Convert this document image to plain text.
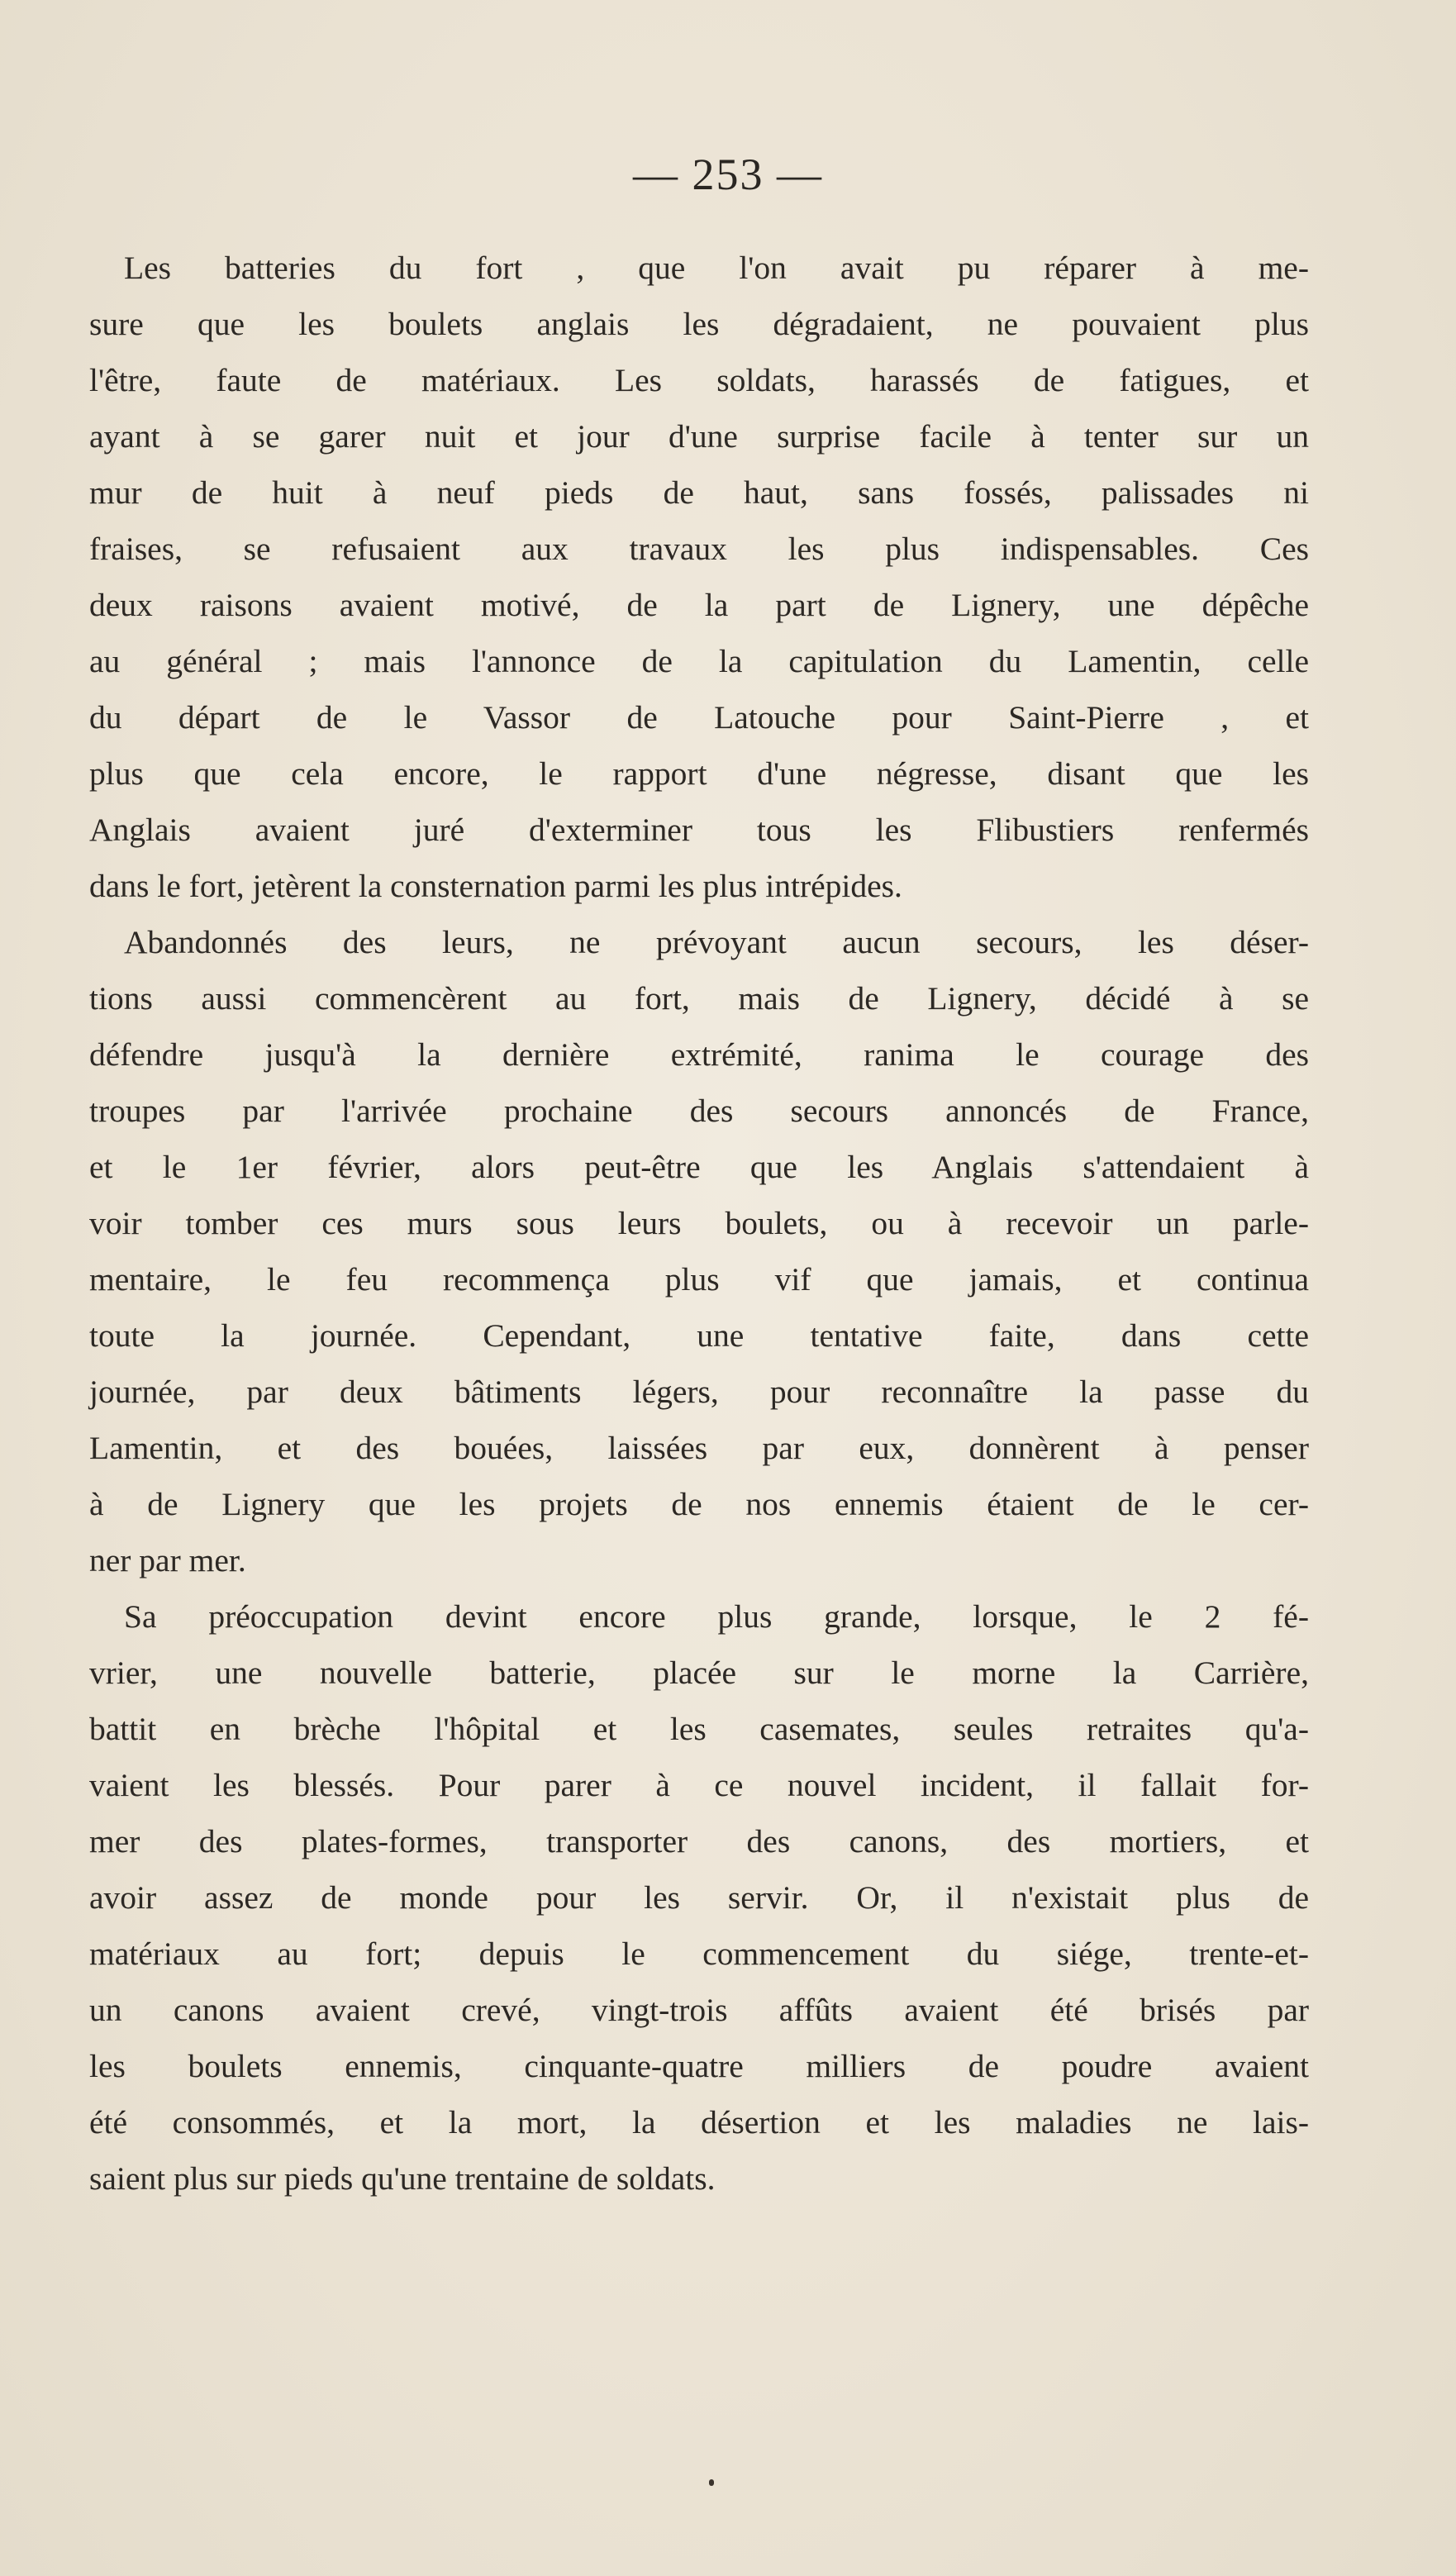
— 253 —
Les batteries du fort , que l'on avait pu réparer à me-
sure que les boulets anglais les dégradaient, ne pouvaient plus
l'être, faute de matériaux. Les soldats, harassés de fatigues, et
ayant à se garer nuit et jour d'une surprise facile à tenter sur un
mur de huit à neuf pieds de haut, sans fossés, palissades ni
fraises, se refusaient aux travaux les plus indispensables. Ces
deux raisons avaient motivé, de la part de Lignery, une dépêche
au général ; mais l'annonce de la capitulation du Lamentin, celle
du départ de le Vassor de Latouche pour Saint-Pierre , et
plus que cela encore, le rapport d'une négresse, disant que les
Anglais avaient juré d'exterminer tous les Flibustiers renfermés
dans le fort, jetèrent la consternation parmi les plus intrépides.
Abandonnés des leurs, ne prévoyant aucun secours, les déser-
tions aussi commencèrent au fort, mais de Lignery, décidé à se
défendre jusqu'à la dernière extrémité, ranima le courage des
troupes par l'arrivée prochaine des secours annoncés de France,
et le 1er février, alors peut-être que les Anglais s'attendaient à
voir tomber ces murs sous leurs boulets, ou à recevoir un parle-
mentaire, le feu recommença plus vif que jamais, et continua
toute la journée. Cependant, une tentative faite, dans cette
journée, par deux bâtiments légers, pour reconnaître la passe du
Lamentin, et des bouées, laissées par eux, donnèrent à penser
à de Lignery que les projets de nos ennemis étaient de le cer-
ner par mer.
Sa préoccupation devint encore plus grande, lorsque, le 2 fé-
vrier, une nouvelle batterie, placée sur le morne la Carrière,
battit en brèche l'hôpital et les casemates, seules retraites qu'a-
vaient les blessés. Pour parer à ce nouvel incident, il fallait for-
mer des plates-formes, transporter des canons, des mortiers, et
avoir assez de monde pour les servir. Or, il n'existait plus de
matériaux au fort; depuis le commencement du siége, trente-et-
un canons avaient crevé, vingt-trois affûts avaient été brisés par
les boulets ennemis, cinquante-quatre milliers de poudre avaient
été consommés, et la mort, la désertion et les maladies ne lais-
saient plus sur pieds qu'une trentaine de soldats.
